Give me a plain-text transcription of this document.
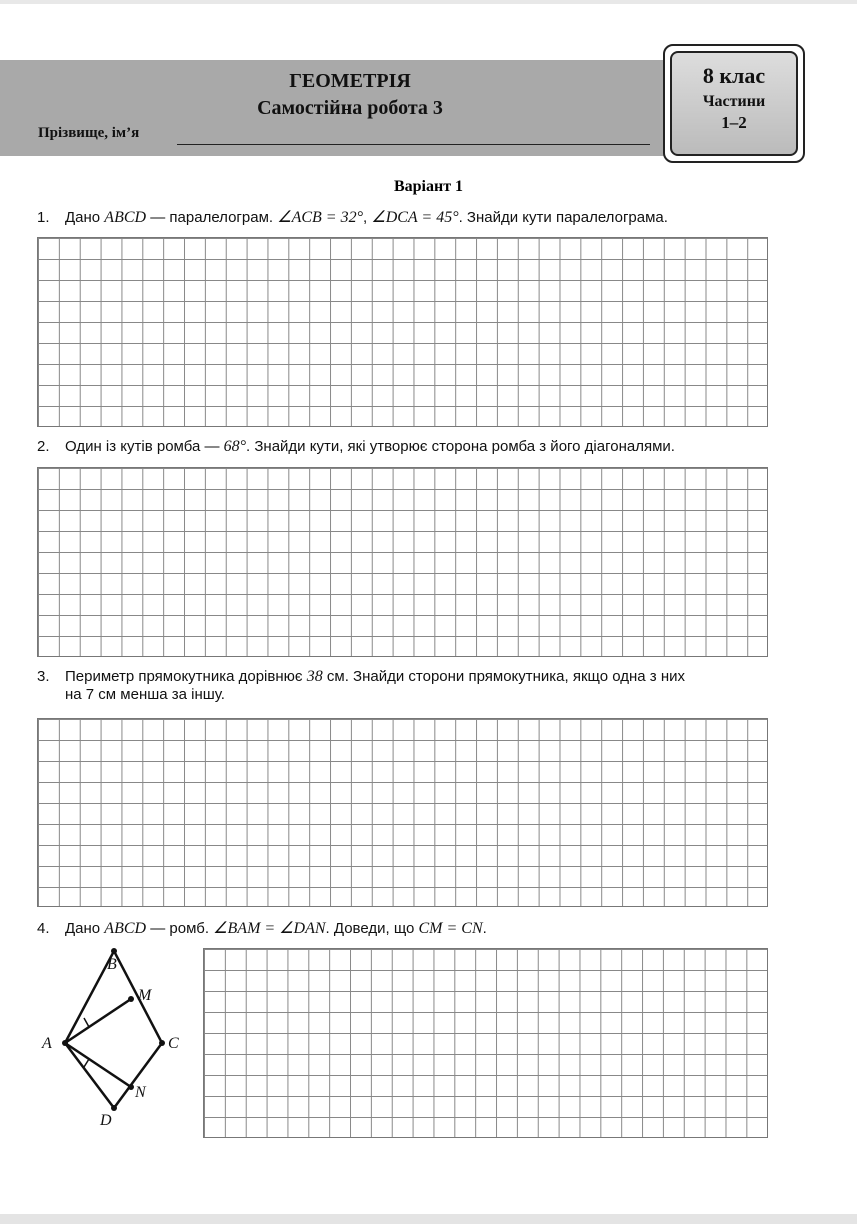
ГЕОМЕТРІЯ
Самостійна робота 3
Прізвище, ім’я
8 клас
Частини
1–2
Варіант 1
1. Дано ABCD — паралелограм. ∠ACB = 32°, ∠DCA = 45°. Знайди кути паралелограма.
2. Один із кутів ромба — 68°. Знайди кути, які утворює сторона ромба з його діагоналями.
3. Периметр прямокутника дорівнює 38 см. Знайди сторони прямокутника, якщо одна з них
на 7 см менша за іншу.
4. Дано ABCD — ромб. ∠BAM = ∠DAN. Доведи, що CM = CN.
A
B
C
D
M
N
